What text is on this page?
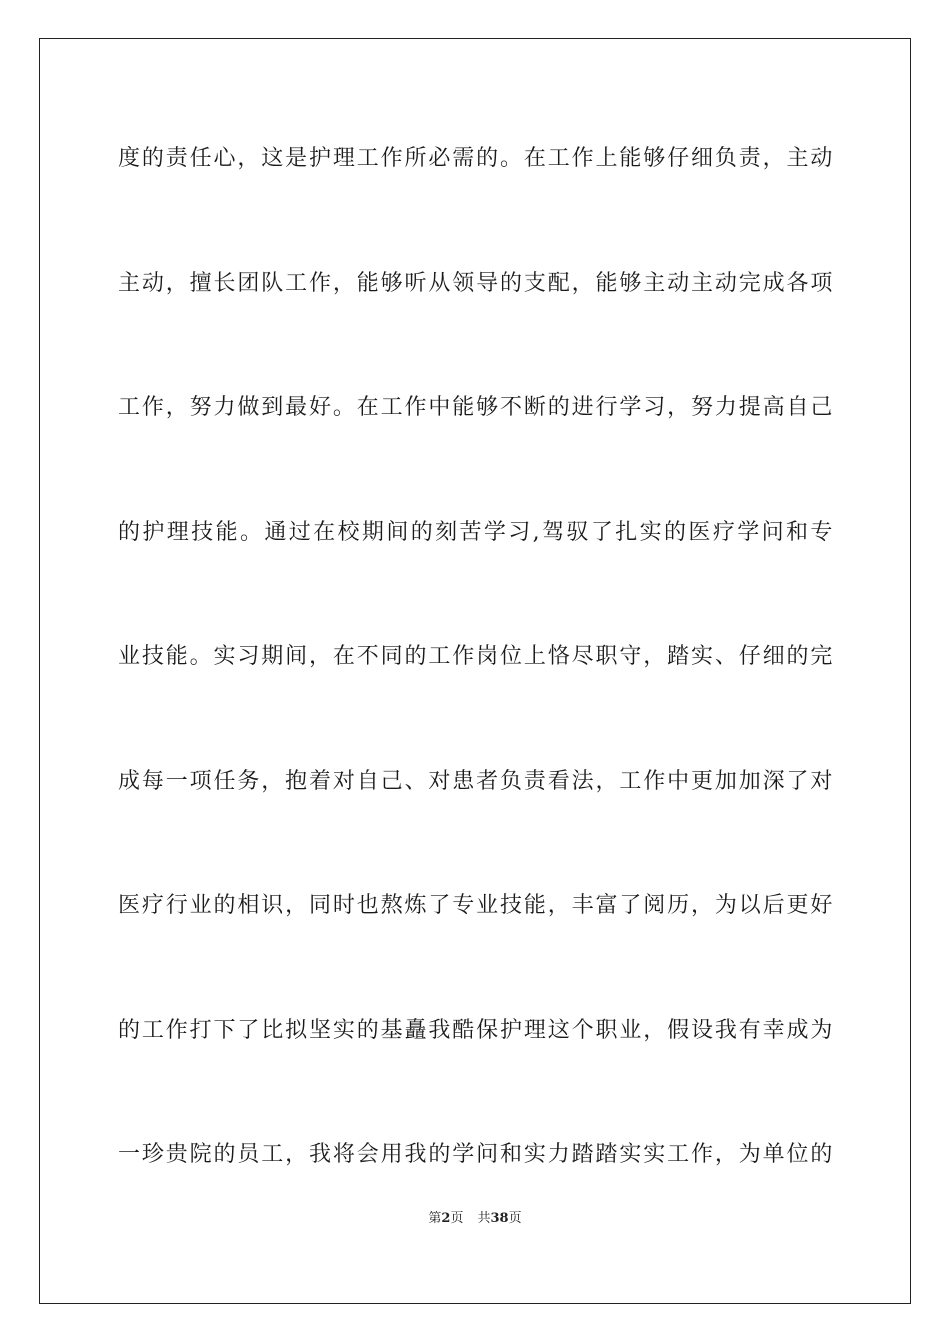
度的责任心，这是护理工作所必需的。在工作上能够仔细负责，主动
主动，擅长团队工作，能够听从领导的支配，能够主动主动完成各项
工作，努力做到最好。在工作中能够不断的进行学习，努力提高自己
的护理技能。通过在校期间的刻苦学习,驾驭了扎实的医疗学问和专
业技能。实习期间，在不同的工作岗位上恪尽职守，踏实、仔细的完
成每一项任务，抱着对自己、对患者负责看法，工作中更加加深了对
医疗行业的相识，同时也熬炼了专业技能，丰富了阅历，为以后更好
的工作打下了比拟坚实的基矗我酷保护理这个职业，假设我有幸成为
一珍贵院的员工，我将会用我的学问和实力踏踏实实工作，为单位的
第2页 共38页
